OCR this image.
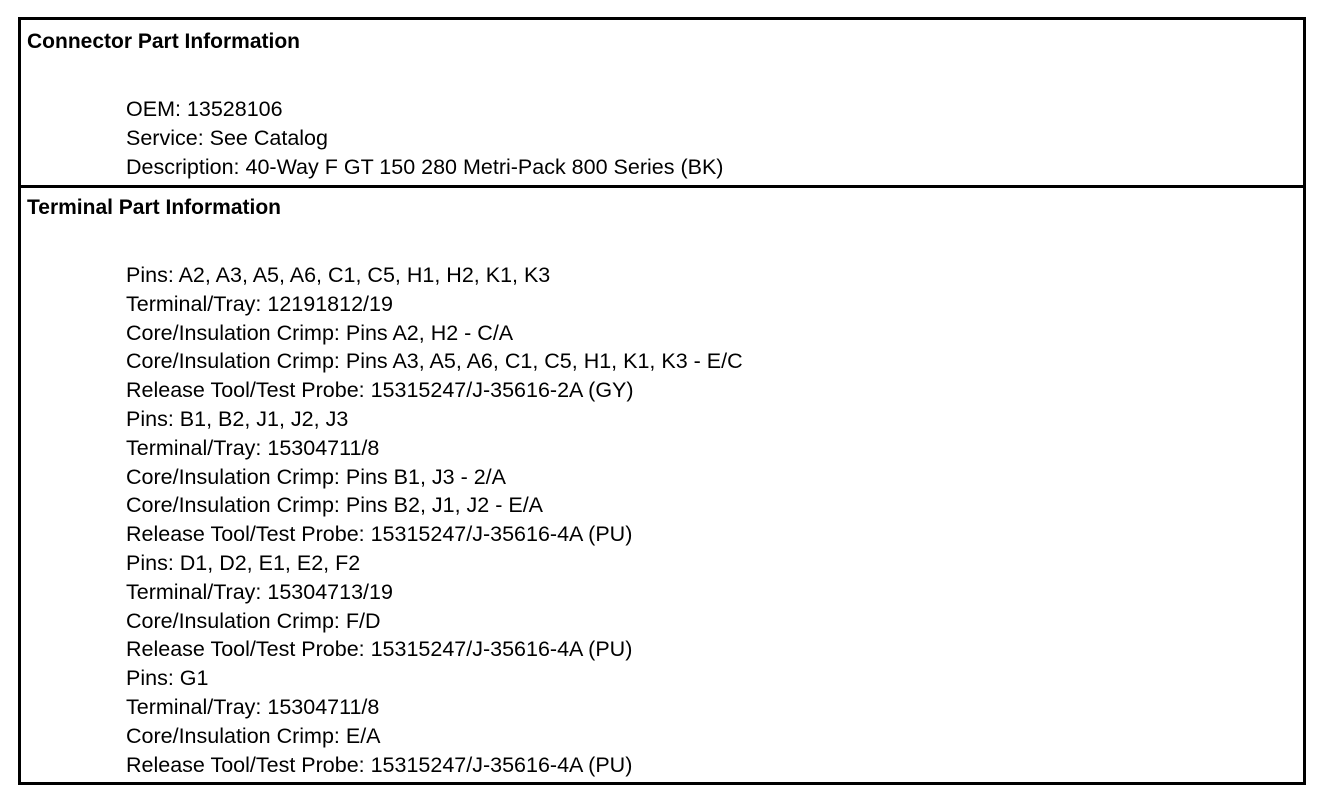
Connector Part Information
OEM: 13528106
Service: See Catalog
Description: 40-Way F GT 150 280 Metri-Pack 800 Series (BK)
Terminal Part Information
Pins: A2, A3, A5, A6, C1, C5, H1, H2, K1, K3
Terminal/Tray: 12191812/19
Core/Insulation Crimp: Pins A2, H2 - C/A
Core/Insulation Crimp: Pins A3, A5, A6, C1, C5, H1, K1, K3 - E/C
Release Tool/Test Probe: 15315247/J-35616-2A (GY)
Pins: B1, B2, J1, J2, J3
Terminal/Tray: 15304711/8
Core/Insulation Crimp: Pins B1, J3 - 2/A
Core/Insulation Crimp: Pins B2, J1, J2 - E/A
Release Tool/Test Probe: 15315247/J-35616-4A (PU)
Pins: D1, D2, E1, E2, F2
Terminal/Tray: 15304713/19
Core/Insulation Crimp: F/D
Release Tool/Test Probe: 15315247/J-35616-4A (PU)
Pins: G1
Terminal/Tray: 15304711/8
Core/Insulation Crimp: E/A
Release Tool/Test Probe: 15315247/J-35616-4A (PU)
